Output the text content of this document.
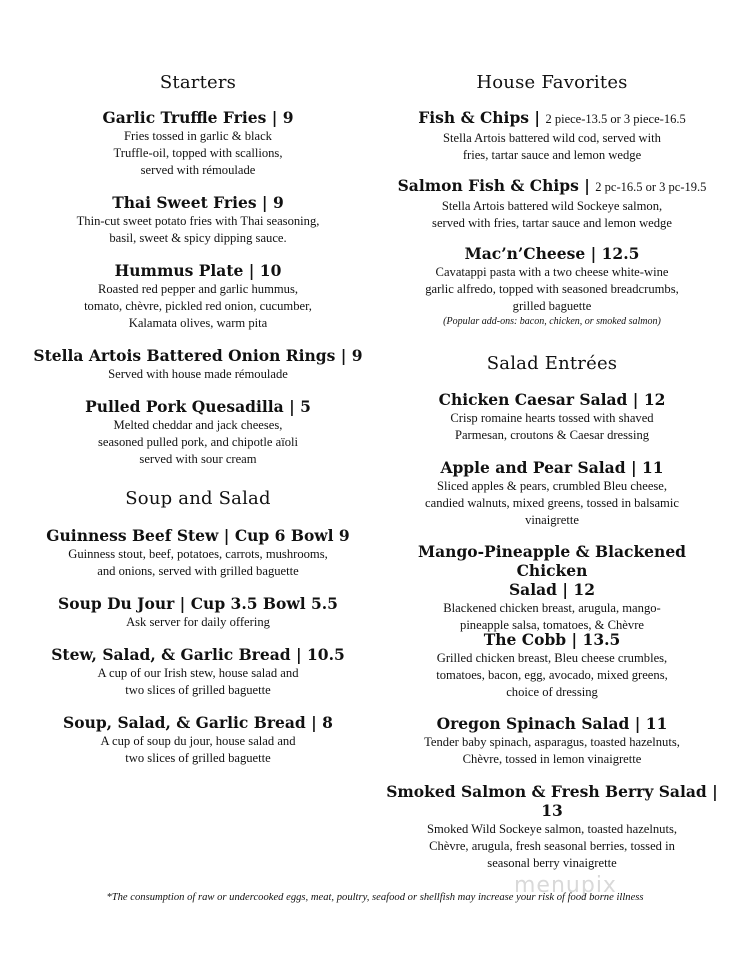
Starters
Garlic Truffle Fries | 9
Fries tossed in garlic & black
Truffle-oil, topped with scallions,
served with rémoulade
Thai Sweet Fries | 9
Thin-cut sweet potato fries with Thai seasoning,
basil, sweet & spicy dipping sauce.
Hummus Plate | 10
Roasted red pepper and garlic hummus,
tomato, chèvre, pickled red onion, cucumber,
Kalamata olives, warm pita
Stella Artois Battered Onion Rings | 9
Served with house made rémoulade
Pulled Pork Quesadilla | 5
Melted cheddar and jack cheeses,
seasoned pulled pork, and chipotle aïoli
served with sour cream
Soup and Salad
Guinness Beef Stew | Cup 6 Bowl 9
Guinness stout, beef, potatoes, carrots, mushrooms,
and onions, served with grilled baguette
Soup Du Jour | Cup 3.5 Bowl 5.5
Ask server for daily offering
Stew, Salad, & Garlic Bread | 10.5
A cup of our Irish stew, house salad and
two slices of grilled baguette
Soup, Salad, & Garlic Bread | 8
A cup of soup du jour, house salad and
two slices of grilled baguette
House Favorites
Fish & Chips | 2 piece-13.5 or 3 piece-16.5
Stella Artois battered wild cod, served with
fries, tartar sauce and lemon wedge
Salmon Fish & Chips | 2 pc-16.5 or 3 pc-19.5
Stella Artois battered wild Sockeye salmon,
served with fries, tartar sauce and lemon wedge
Mac’n’Cheese | 12.5
Cavatappi pasta with a two cheese white-wine
garlic alfredo, topped with seasoned breadcrumbs,
grilled baguette
(Popular add-ons: bacon, chicken, or smoked salmon)
Salad Entrées
Chicken Caesar Salad | 12
Crisp romaine hearts tossed with shaved
Parmesan, croutons & Caesar dressing
Apple and Pear Salad | 11
Sliced apples & pears, crumbled Bleu cheese,
candied walnuts, mixed greens, tossed in balsamic
vinaigrette
Mango-Pineapple & Blackened Chicken
Salad | 12
Blackened chicken breast, arugula, mango-
pineapple salsa, tomatoes, & Chèvre
The Cobb | 13.5
Grilled chicken breast, Bleu cheese crumbles,
tomatoes, bacon, egg, avocado, mixed greens,
choice of dressing
Oregon Spinach Salad | 11
Tender baby spinach, asparagus, toasted hazelnuts,
Chèvre, tossed in lemon vinaigrette
Smoked Salmon & Fresh Berry Salad | 13
Smoked Wild Sockeye salmon, toasted hazelnuts,
Chèvre, arugula, fresh seasonal berries, tossed in
seasonal berry vinaigrette
menupix
*The consumption of raw or undercooked eggs, meat, poultry, seafood or shellfish may increase your risk of food borne illness
